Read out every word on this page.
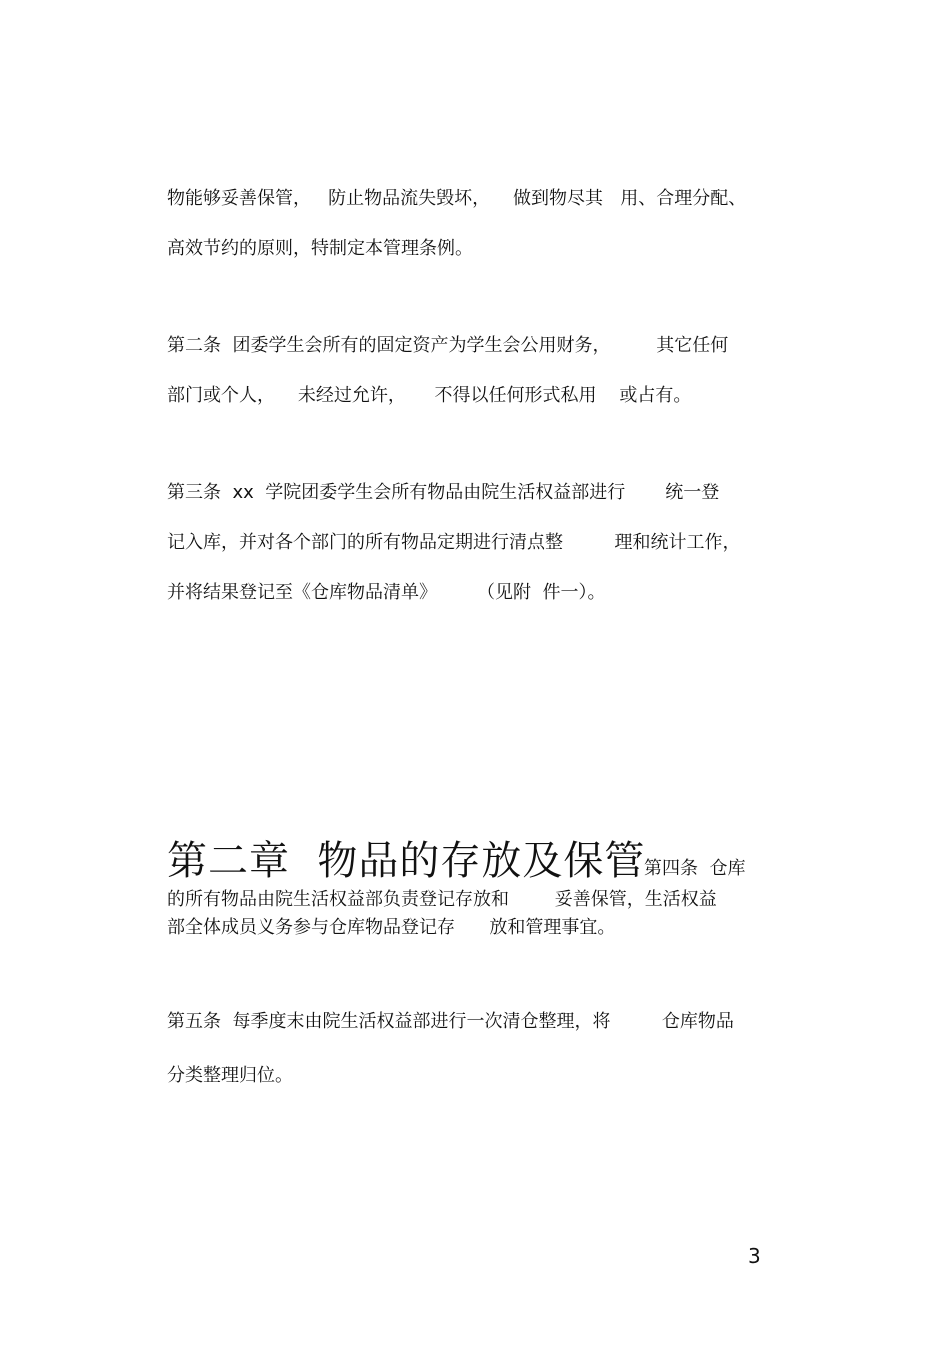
物能够妥善保管，   防止物品流失毁坏，    做到物尽其   用、合理分配、
高效节约的原则，特制定本管理条例。
第二条  团委学生会所有的固定资产为学生会公用财务，        其它任何
部门或个人，    未经过允许，     不得以任何形式私用    或占有。
第三条  xx  学院团委学生会所有物品由院生活权益部进行       统一登
记入库，并对各个部门的所有物品定期进行清点整         理和统计工作，
并将结果登记至《仓库物品清单》       （见附  件一）。
第二章  物品的存放及保管
第四条  仓库
的所有物品由院生活权益部负责登记存放和        妥善保管，生活权益
部全体成员义务参与仓库物品登记存      放和管理事宜。
第五条  每季度末由院生活权益部进行一次清仓整理，将         仓库物品
分类整理归位。
3
